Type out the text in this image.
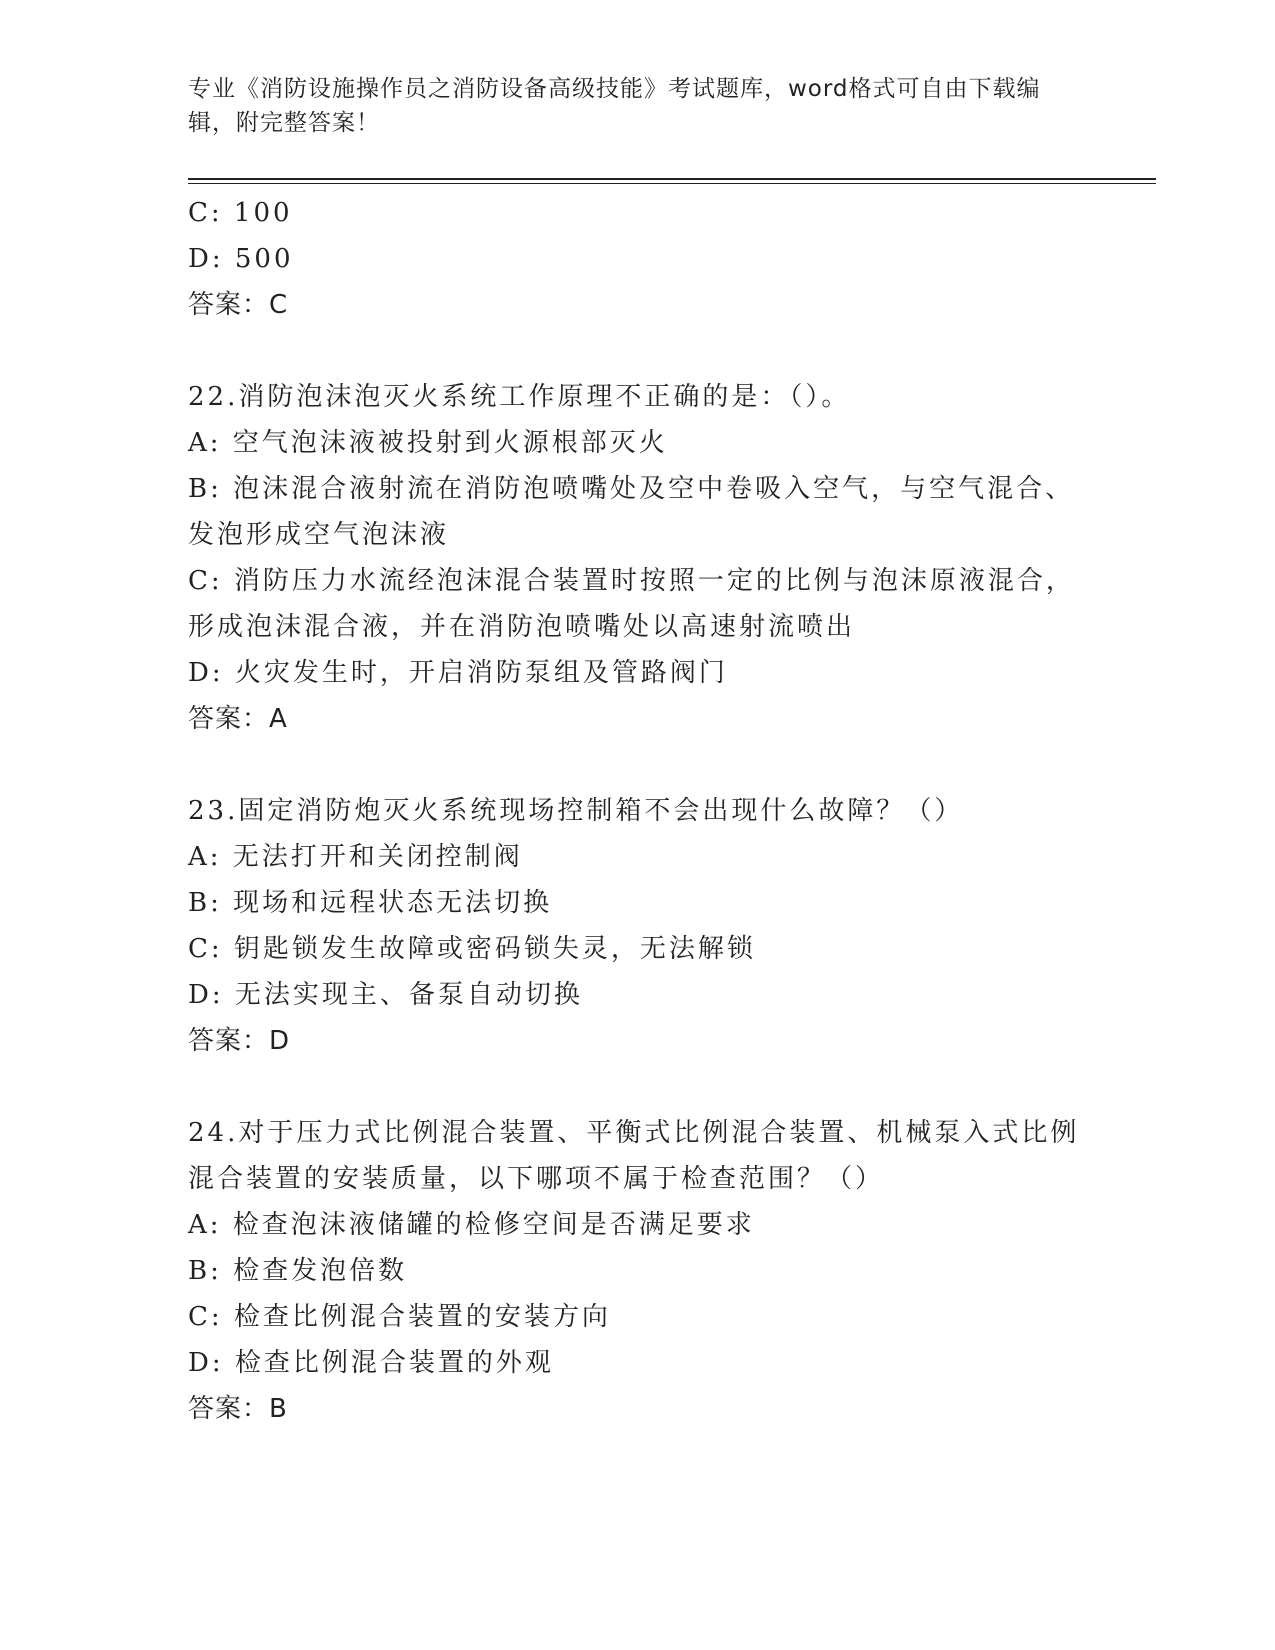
专业《消防设施操作员之消防设备高级技能》考试题库，word格式可自由下载编辑，附完整答案！
C: 100
D: 500
答案：C
22.消防泡沫泡灭火系统工作原理不正确的是：（）。
A: 空气泡沫液被投射到火源根部灭火
B: 泡沫混合液射流在消防泡喷嘴处及空中卷吸入空气，与空气混合、
发泡形成空气泡沫液
C: 消防压力水流经泡沫混合装置时按照一定的比例与泡沫原液混合，
形成泡沫混合液，并在消防泡喷嘴处以高速射流喷出
D: 火灾发生时，开启消防泵组及管路阀门
答案：A
23.固定消防炮灭火系统现场控制箱不会出现什么故障？（）
A: 无法打开和关闭控制阀
B: 现场和远程状态无法切换
C: 钥匙锁发生故障或密码锁失灵，无法解锁
D: 无法实现主、备泵自动切换
答案：D
24.对于压力式比例混合装置、平衡式比例混合装置、机械泵入式比例
混合装置的安装质量，以下哪项不属于检查范围？（）
A: 检查泡沫液储罐的检修空间是否满足要求
B: 检查发泡倍数
C: 检查比例混合装置的安装方向
D: 检查比例混合装置的外观
答案：B
